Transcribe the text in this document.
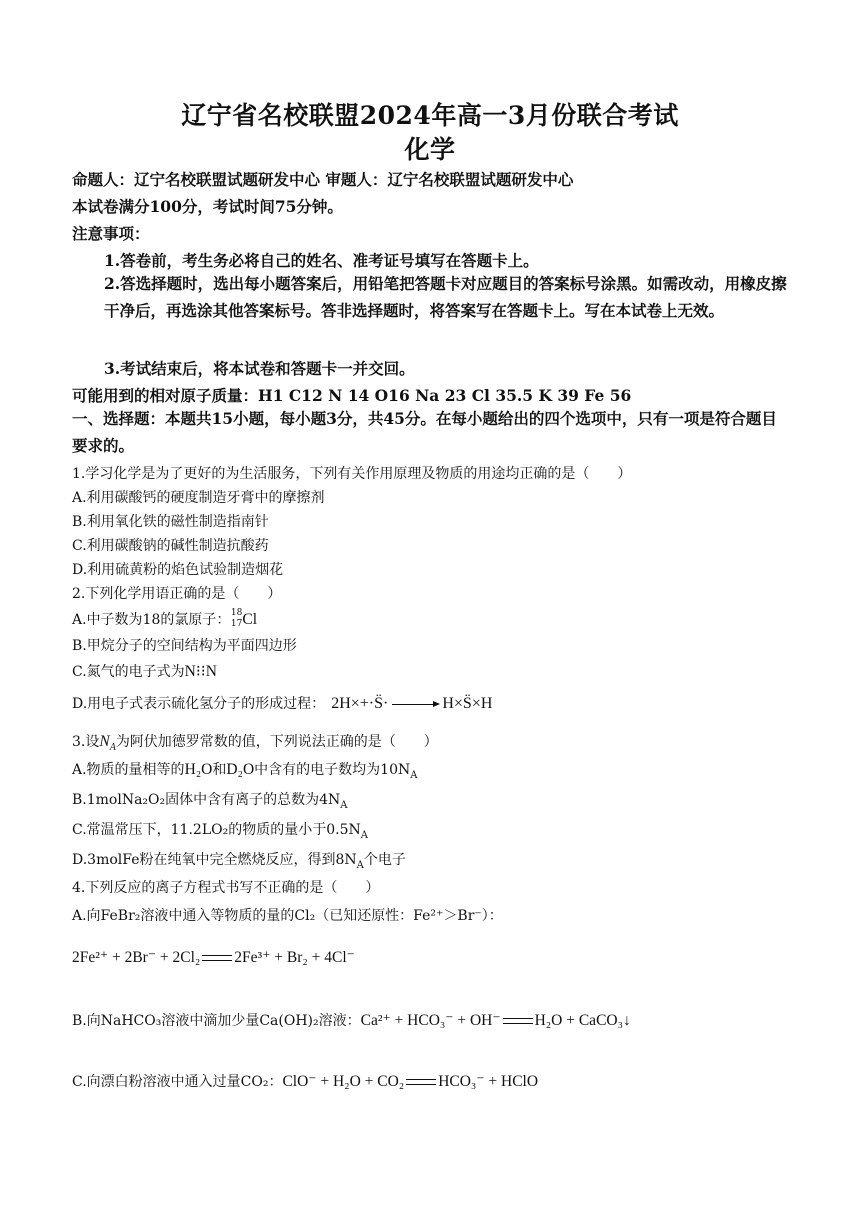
辽宁省名校联盟2024年高一3月份联合考试
化学
命题人：辽宁名校联盟试题研发中心 审题人：辽宁名校联盟试题研发中心
本试卷满分100分，考试时间75分钟。
注意事项：
1.答卷前，考生务必将自己的姓名、准考证号填写在答题卡上。
2.答选择题时，选出每小题答案后，用铅笔把答题卡对应题目的答案标号涂黑。如需改动，用橡皮擦干净后，再选涂其他答案标号。答非选择题时，将答案写在答题卡上。写在本试卷上无效。
3.考试结束后，将本试卷和答题卡一并交回。
可能用到的相对原子质量：H1 C12 N 14 O16 Na 23 Cl 35.5 K 39 Fe 56
一、选择题：本题共15小题，每小题3分，共45分。在每小题给出的四个选项中，只有一项是符合题目要求的。
1.学习化学是为了更好的为生活服务，下列有关作用原理及物质的用途均正确的是（　　）
A.利用碳酸钙的硬度制造牙膏中的摩擦剂
B.利用氧化铁的磁性制造指南针
C.利用碳酸钠的碱性制造抗酸药
D.利用硫黄粉的焰色试验制造烟花
2.下列化学用语正确的是（　　）
A.中子数为18的氯原子： 18
17 Cl
B.甲烷分子的空间结构为平面四边形
C.氮气的电子式为N⁝⁝N
D.用电子式表示硫化氢分子的形成过程： 2H×+·S̈· → H×S̈×H
3.设$N_A$为阿伏加德罗常数的值，下列说法正确的是（　　）
A.物质的量相等的H₂O和D₂O中含有的电子数均为$10N_A$
B.1molNa₂O₂固体中含有离子的总数为$4N_A$
C.常温常压下，11.2LO₂的物质的量小于$0.5N_A$
D.3molFe粉在纯氧中完全燃烧反应，得到$8N_A$个电子
4.下列反应的离子方程式书写不正确的是（　　）
A.向FeBr₂溶液中通入等物质的量的Cl₂（已知还原性：Fe²⁺＞Br⁻）：
2Fe²⁺ + 2Br⁻ + 2Cl₂ 2Fe³⁺ + Br₂ + 4Cl⁻
B.向NaHCO₃溶液中滴加少量Ca(OH)₂溶液：Ca²⁺ + HCO₃⁻ + OH⁻ H₂O + CaCO₃↓
C.向漂白粉溶液中通入过量CO₂：ClO⁻ + H₂O + CO₂ HCO₃⁻ + HClO
